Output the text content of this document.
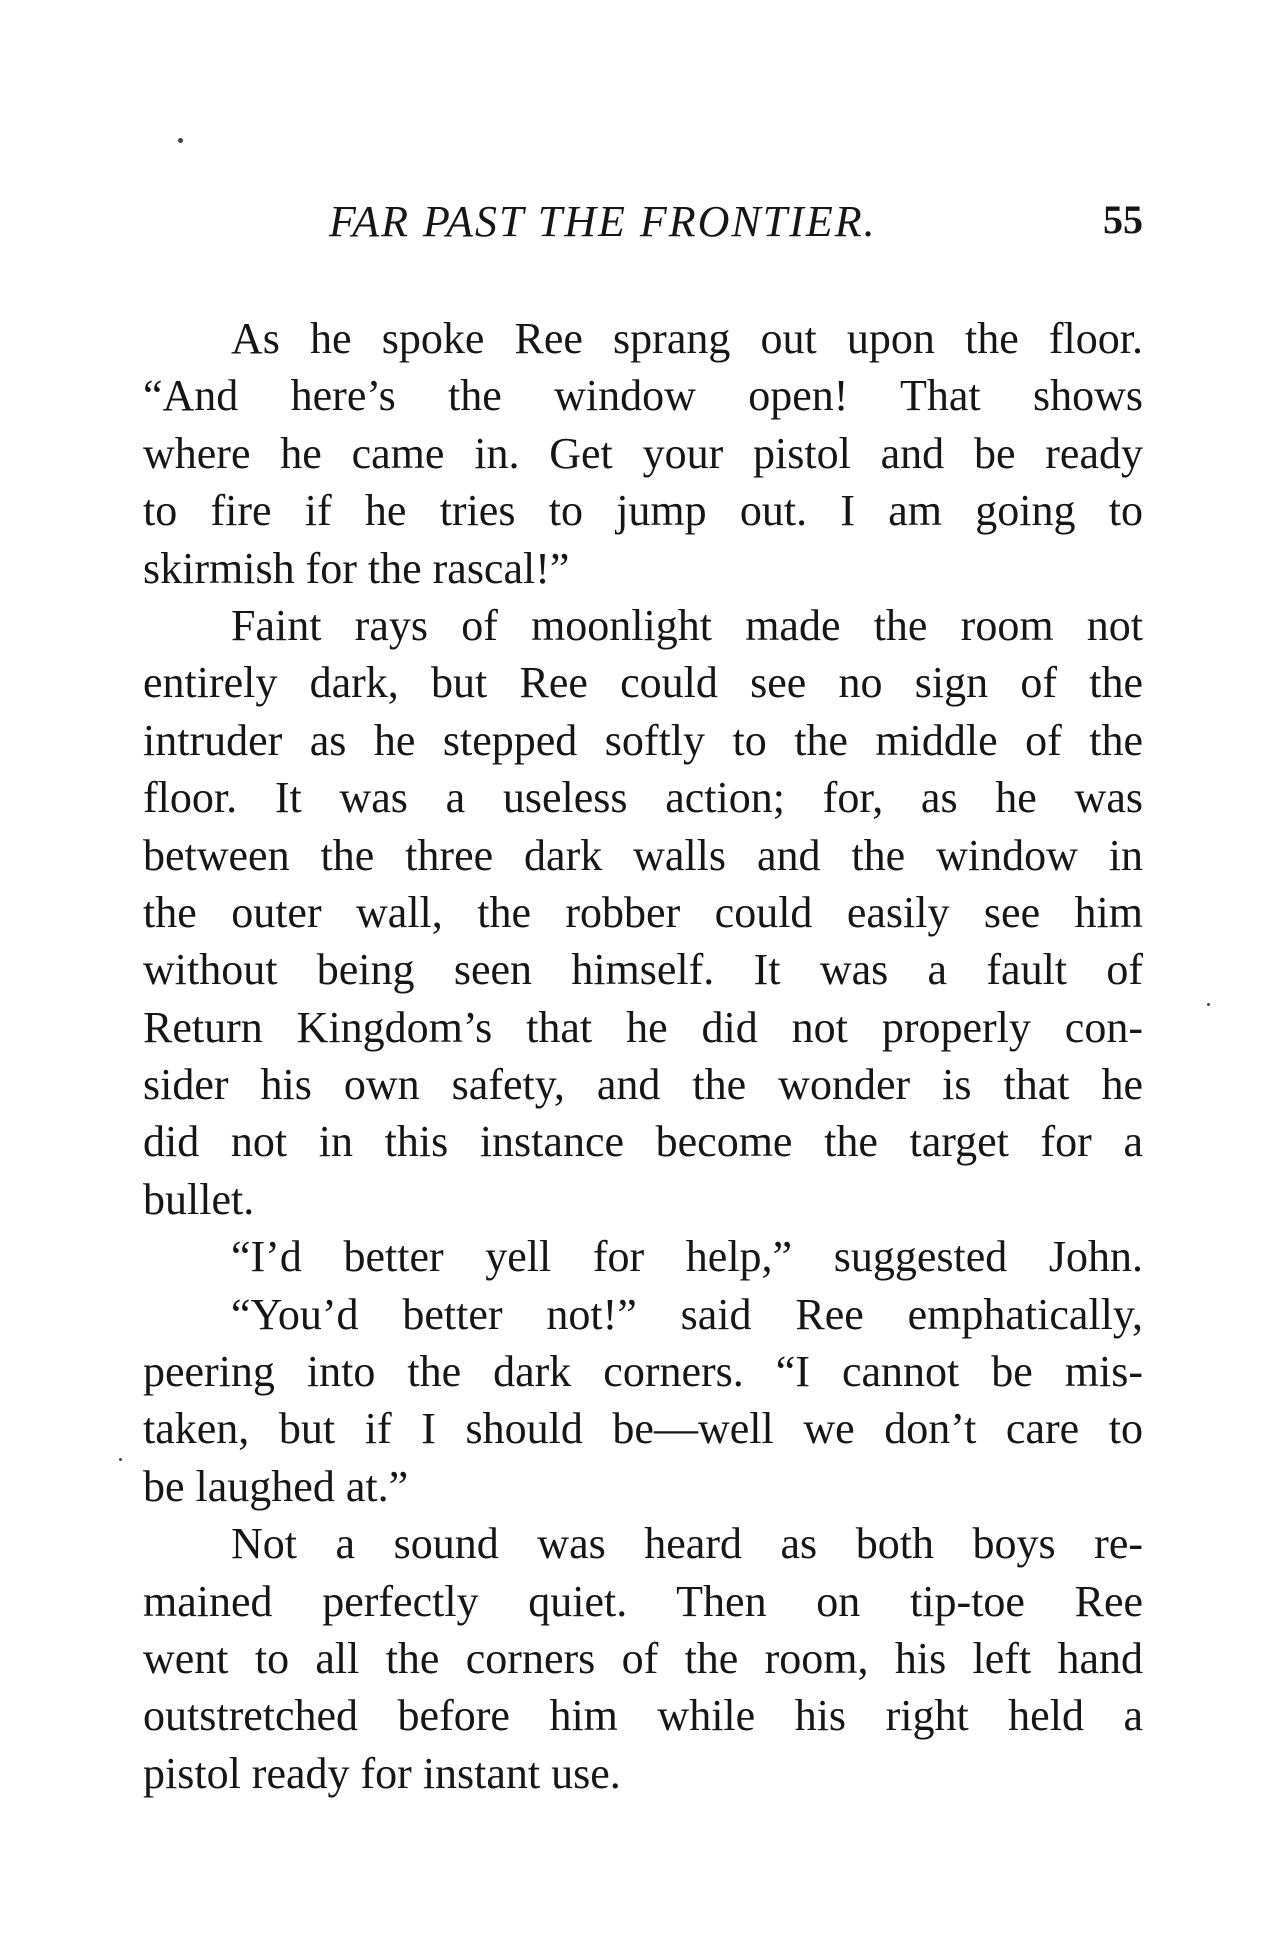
FAR PAST THE FRONTIER.	55
As he spoke Ree sprang out upon the floor.
“And here’s the window open! That shows
where he came in. Get your pistol and be ready
to fire if he tries to jump out. I am going to
skirmish for the rascal!”
Faint rays of moonlight made the room not
entirely dark, but Ree could see no sign of the
intruder as he stepped softly to the middle of the
floor. It was a useless action; for, as he was
between the three dark walls and the window in
the outer wall, the robber could easily see him
without being seen himself. It was a fault of
Return Kingdom’s that he did not properly con-
sider his own safety, and the wonder is that he
did not in this instance become the target for a
bullet.
“I’d better yell for help,” suggested John.
“You’d better not!” said Ree emphatically,
peering into the dark corners. “I cannot be mis-
taken, but if I should be—well we don’t care to
be laughed at.”
Not a sound was heard as both boys re-
mained perfectly quiet. Then on tip-toe Ree
went to all the corners of the room, his left hand
outstretched before him while his right held a
pistol ready for instant use.
